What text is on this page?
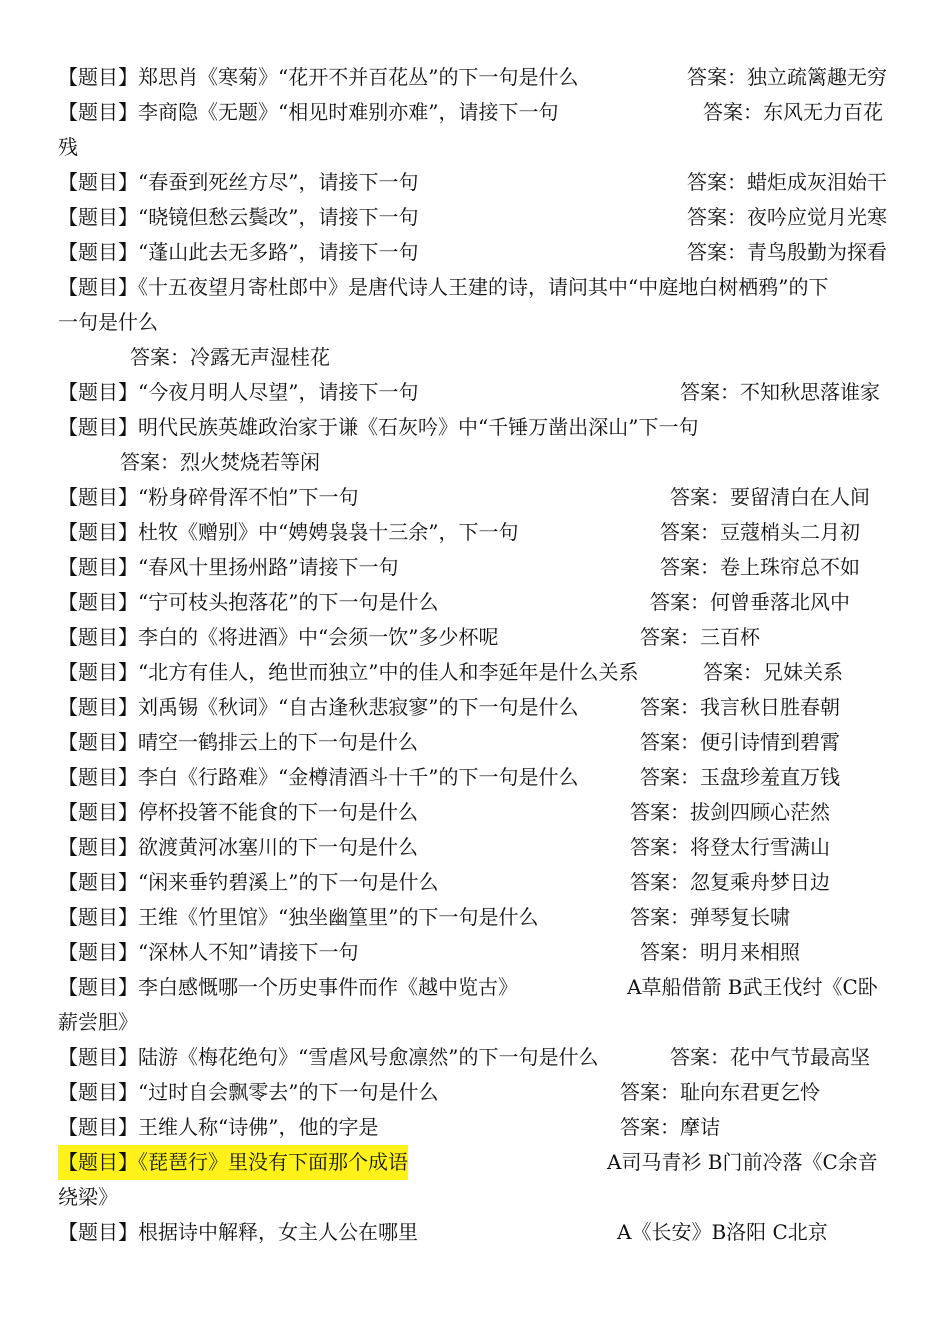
【题目】郑思肖《寒菊》“花开不并百花丛”的下一句是什么	答案：独立疏篱趣无穷
【题目】李商隐《无题》“相见时难别亦难”，请接下一句	答案：东风无力百花
残
【题目】“春蚕到死丝方尽”，请接下一句	答案：蜡炬成灰泪始干
【题目】“晓镜但愁云鬓改”，请接下一句	答案：夜吟应觉月光寒
【题目】“蓬山此去无多路”，请接下一句	答案：青鸟殷勤为探看
【题目】《十五夜望月寄杜郎中》是唐代诗人王建的诗，请问其中“中庭地白树栖鸦”的下
一句是什么
答案：冷露无声湿桂花
【题目】“今夜月明人尽望”，请接下一句	答案：不知秋思落谁家
【题目】明代民族英雄政治家于谦《石灰吟》中“千锤万凿出深山”下一句
答案：烈火焚烧若等闲
【题目】“粉身碎骨浑不怕”下一句	答案：要留清白在人间
【题目】杜牧《赠别》中“娉娉袅袅十三余”，下一句	答案：豆蔻梢头二月初
【题目】“春风十里扬州路”请接下一句	答案：卷上珠帘总不如
【题目】“宁可枝头抱落花”的下一句是什么	答案：何曾垂落北风中
【题目】李白的《将进酒》中“会须一饮”多少杯呢	答案：三百杯
【题目】“北方有佳人，绝世而独立”中的佳人和李延年是什么关系	答案：兄妹关系
【题目】刘禹锡《秋词》“自古逢秋悲寂寥”的下一句是什么	答案：我言秋日胜春朝
【题目】晴空一鹤排云上的下一句是什么	答案：便引诗情到碧霄
【题目】李白《行路难》“金樽清酒斗十千”的下一句是什么	答案：玉盘珍羞直万钱
【题目】停杯投箸不能食的下一句是什么	答案：拔剑四顾心茫然
【题目】欲渡黄河冰塞川的下一句是什么	答案：将登太行雪满山
【题目】“闲来垂钓碧溪上”的下一句是什么	答案：忽复乘舟梦日边
【题目】王维《竹里馆》“独坐幽篁里”的下一句是什么	答案：弹琴复长啸
【题目】“深林人不知”请接下一句	答案：明月来相照
【题目】李白感慨哪一个历史事件而作《越中览古》	A草船借箭 B武王伐纣《C卧
薪尝胆》
【题目】陆游《梅花绝句》“雪虐风号愈凛然”的下一句是什么	答案：花中气节最高坚
【题目】“过时自会飘零去”的下一句是什么	答案：耻向东君更乞怜
【题目】王维人称“诗佛”，他的字是	答案：摩诘
【题目】《琵琶行》里没有下面那个成语	A司马青衫 B门前冷落《C余音
绕梁》
【题目】根据诗中解释，女主人公在哪里	A《长安》B洛阳 C北京
